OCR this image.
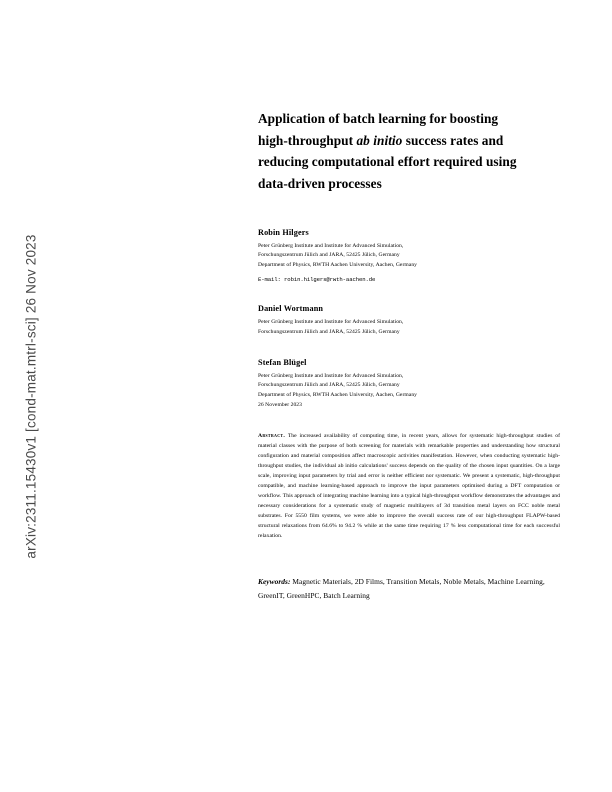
arXiv:2311.15430v1 [cond-mat.mtrl-sci] 26 Nov 2023
Application of batch learning for boosting
high-throughput ab initio success rates and
reducing computational effort required using
data-driven processes

Robin Hilgers

Peter Grünberg Institute and Institute for Advanced Simulation,
Forschungszentrum Jülich and JARA, 52425 Jülich, Germany
Department of Physics, RWTH Aachen University, Aachen, Germany

E-mail: robin.hilgers@rwth-aachen.de

Daniel Wortmann

Peter Grünberg Institute and Institute for Advanced Simulation,
Forschungszentrum Jülich and JARA, 52425 Jülich, Germany

Stefan Blügel

Peter Grünberg Institute and Institute for Advanced Simulation,
Forschungszentrum Jülich and JARA, 52425 Jülich, Germany
Department of Physics, RWTH Aachen University, Aachen, Germany
26 November 2023

Abstract. The increased availability of computing time, in recent years, allows for systematic high-throughput studies of material classes with the purpose of both screening for materials with remarkable properties and understanding how structural configuration and material composition affect macroscopic activities manifestation. However, when conducting systematic high-throughput studies, the individual ab initio calculations' success depends on the quality of the chosen input quantities. On a large scale, improving input parameters by trial and error is neither efficient nor systematic. We present a systematic, high-throughput compatible, and machine learning-based approach to improve the input parameters optimised during a DFT computation or workflow. This approach of integrating machine learning into a typical high-throughput workflow demonstrates the advantages and necessary considerations for a systematic study of magnetic multilayers of 3d transition metal layers on FCC noble metal substrates. For 5550 film systems, we were able to improve the overall success rate of our high-throughput FLAPW-based structural relaxations from 64.6% to 94.2 % while at the same time requiring 17 % less computational time for each successful relaxation.
Keywords: Magnetic Materials, 2D Films, Transition Metals, Noble Metals, Machine Learning, GreenIT, GreenHPC, Batch Learning
